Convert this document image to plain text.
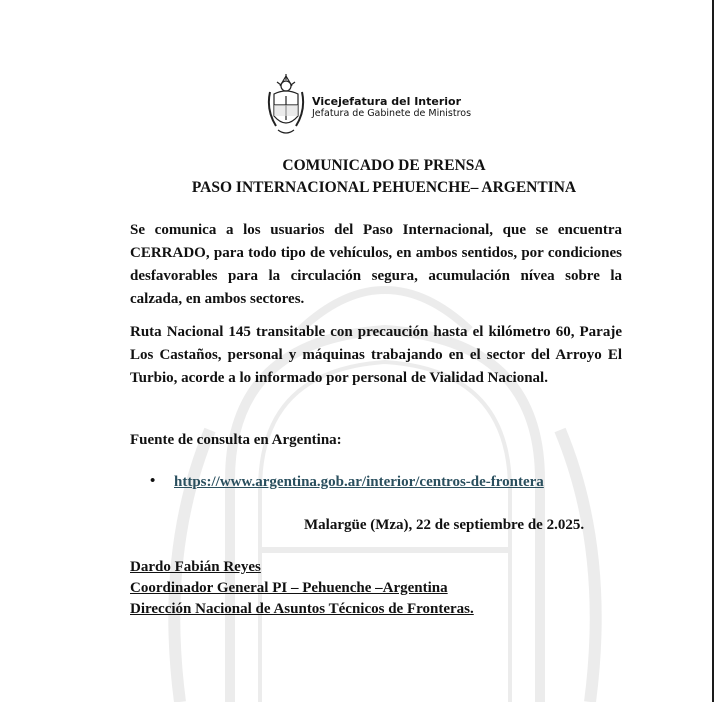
Vicejefatura del Interior
Jefatura de Gabinete de Ministros
COMUNICADO DE PRENSA
PASO INTERNACIONAL PEHUENCHE– ARGENTINA

Se comunica a los usuarios del Paso Internacional, que se encuentra CERRADO, para todo tipo de vehículos, en ambos sentidos, por condiciones desfavorables para la circulación segura, acumulación nívea sobre la calzada, en ambos sectores.

Ruta Nacional 145 transitable con precaución hasta el kilómetro 60, Paraje Los Castaños, personal y máquinas trabajando en el sector del Arroyo El Turbio, acorde a lo informado por personal de Vialidad Nacional.

Fuente de consulta en Argentina:
• https://www.argentina.gob.ar/interior/centros-de-frontera
Malargüe (Mza), 22 de septiembre de 2.025.
Dardo Fabián Reyes
Coordinador General PI – Pehuenche –Argentina
Dirección Nacional de Asuntos Técnicos de Fronteras.
